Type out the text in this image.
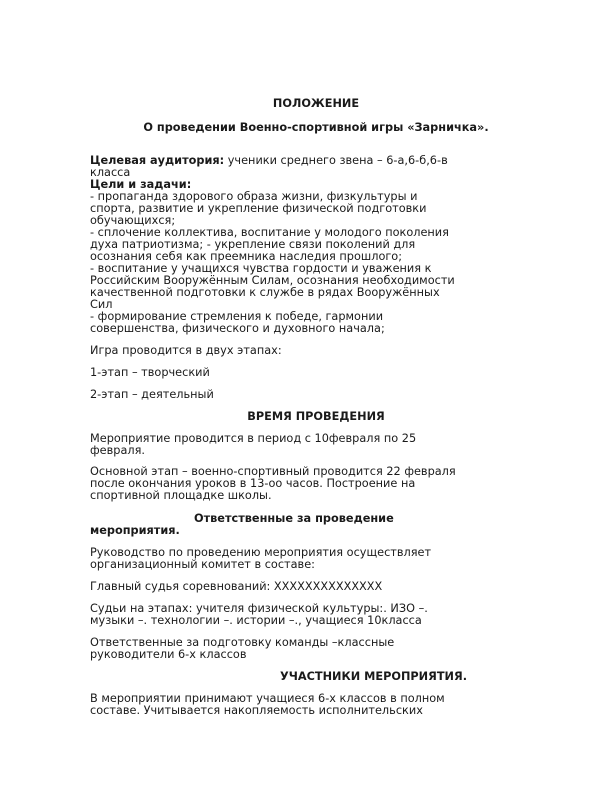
ПОЛОЖЕНИЕ
О проведении Военно-спортивной игры «Зарничка».
Целевая аудитория: ученики среднего звена – 6-а,6-б,6-в
класса
Цели и задачи:
- пропаганда здорового образа жизни, физкультуры и
спорта, развитие и укрепление физической подготовки
обучающихся;
- сплочение коллектива, воспитание у молодого поколения
духа патриотизма; - укрепление связи поколений для
осознания себя как преемника наследия прошлого;
- воспитание у учащихся чувства гордости и уважения к
Российским Вооружённым Силам, осознания необходимости
качественной подготовки к службе в рядах Вооружённых
Сил
- формирование стремления к победе, гармонии
совершенства, физического и духовного начала;
Игра проводится в двух этапах:
1-этап – творческий
2-этап – деятельный
ВРЕМЯ ПРОВЕДЕНИЯ
Мероприятие проводится в период с 10февраля по 25
февраля.
Основной этап – военно-спортивный проводится 22 февраля
после окончания уроков в 13-оо часов. Построение на
спортивной площадке школы.
Ответственные за проведение
мероприятия.
Руководство по проведению мероприятия осуществляет
организационный комитет в составе:
Главный судья соревнований: ХХХХХХХХХХХХХХ
Судьи на этапах: учителя физической культуры:. ИЗО –.
музыки –. технологии –. истории –., учащиеся 10класса
Ответственные за подготовку команды –классные
руководители 6-х классов
УЧАСТНИКИ МЕРОПРИЯТИЯ.
В мероприятии принимают учащиеся 6-х классов в полном
составе. Учитывается накопляемость исполнительских
